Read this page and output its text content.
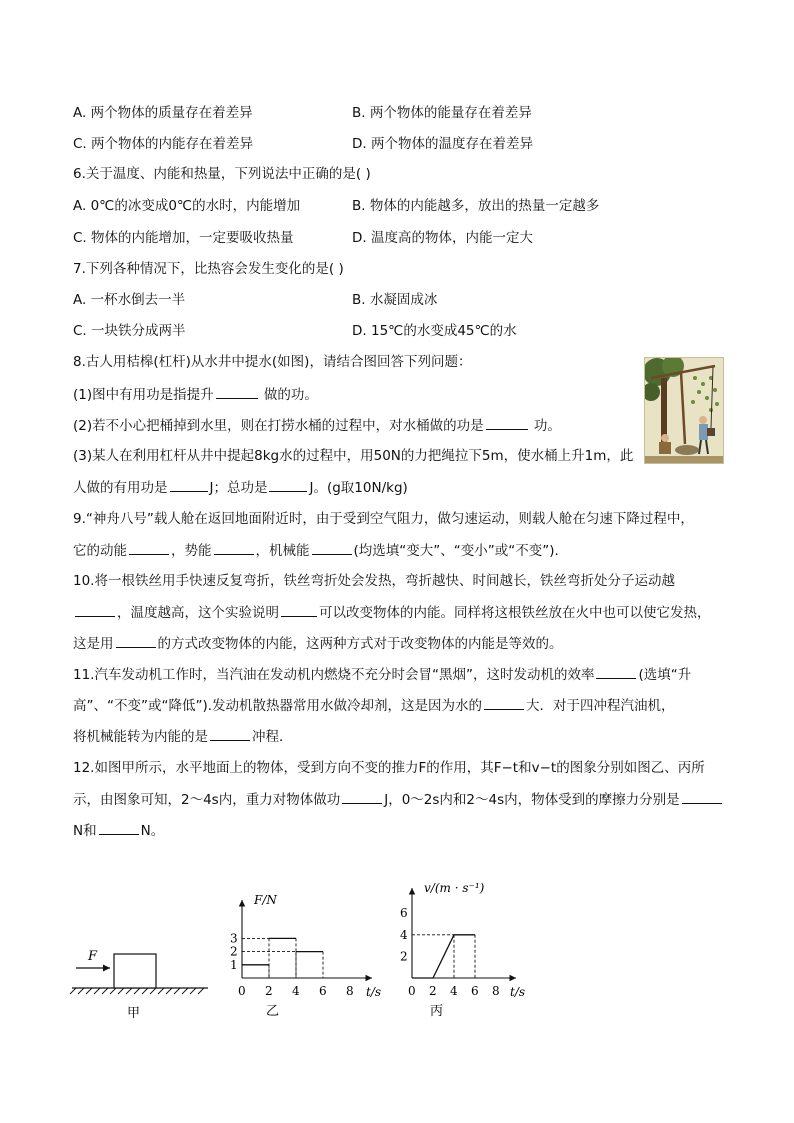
A. 两个物体的质量存在着差异	B. 两个物体的能量存在着差异
C. 两个物体的内能存在着差异	D. 两个物体的温度存在着差异
6.关于温度、内能和热量，下列说法中正确的是( )
A. 0℃的冰变成0℃的水时，内能增加	B. 物体的内能越多，放出的热量一定越多
C. 物体的内能增加，一定要吸收热量	D. 温度高的物体，内能一定大
7.下列各种情况下，比热容会发生变化的是( )
A. 一杯水倒去一半	B. 水凝固成冰
C. 一块铁分成两半	D. 15℃的水变成45℃的水
8.古人用桔槔(杠杆)从水井中提水(如图)，请结合图回答下列问题：
(1)图中有用功是指提升	做的功。
(2)若不小心把桶掉到水里，则在打捞水桶的过程中，对水桶做的功是	功。
(3)某人在利用杠杆从井中提起8kg水的过程中，用50N的力把绳拉下5m，使水桶上升1m，此
人做的有用功是	J；总功是	J。(g取10N/kg)
9.“神舟八号”载人舱在返回地面附近时，由于受到空气阻力，做匀速运动，则载人舱在匀速下降过程中，
它的动能	，势能	，机械能	(均选填“变大”、“变小”或“不变”).
10.将一根铁丝用手快速反复弯折，铁丝弯折处会发热，弯折越快、时间越长，铁丝弯折处分子运动越
，温度越高，这个实验说明	可以改变物体的内能。同样将这根铁丝放在火中也可以使它发热，
这是用	的方式改变物体的内能，这两种方式对于改变物体的内能是等效的。
11.汽车发动机工作时，当汽油在发动机内燃烧不充分时会冒“黑烟”，这时发动机的效率	(选填“升
高”、“不变”或“降低”).发动机散热器常用水做冷却剂，这是因为水的	大．对于四冲程汽油机，
将机械能转为内能的是	冲程．
12.如图甲所示，水平地面上的物体，受到方向不变的推力F的作用，其F−t和v−t的图象分别如图乙、丙所
示，由图象可知，2～4s内，重力对物体做功	J，0～2s内和2～4s内，物体受到的摩擦力分别是
N和	N。
F
甲	乙
F/N
t/s
0 2 4 6 8
1
2
3
丙
v/(m · s⁻¹)
t/s
0 2 4 6 8
2
4
6
